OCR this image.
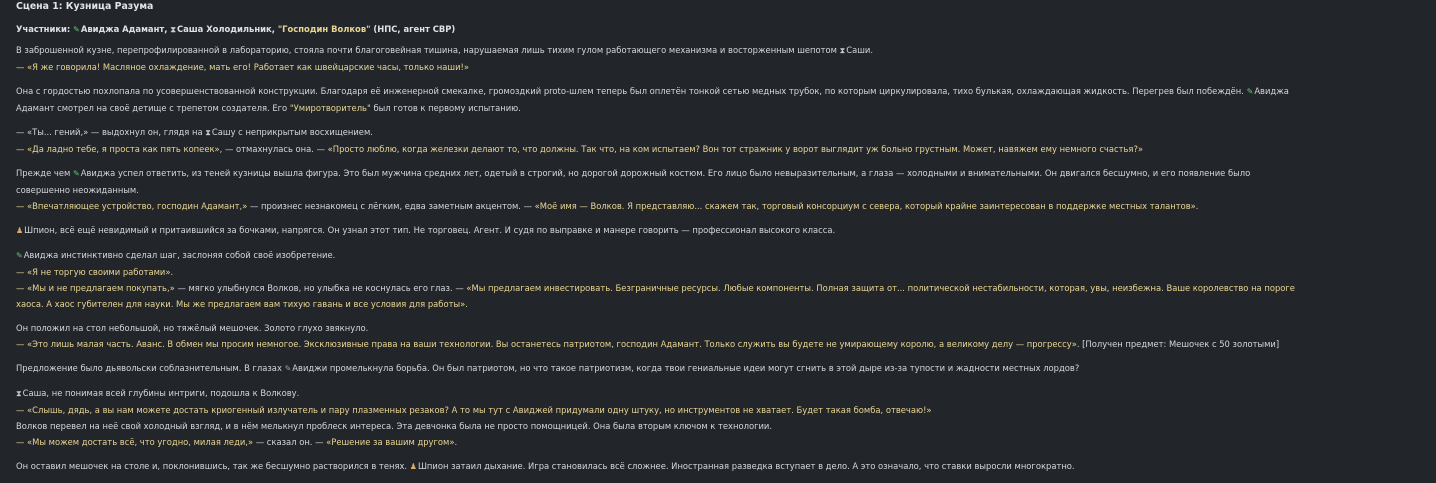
Сцена 1: Кузница Разума
Участники: ✎Авиджа Адамант, ⧗Саша Холодильник, "Господин Волков" (НПС, агент СВР)
В заброшенной кузне, перепрофилированной в лабораторию, стояла почти благоговейная тишина, нарушаемая лишь тихим гулом работающего механизма и восторженным шепотом ⧗Саши.
— «Я же говорила! Масляное охлаждение, мать его! Работает как швейцарские часы, только наши!»
Она с гордостью похлопала по усовершенствованной конструкции. Благодаря её инженерной смекалке, громоздкий proto-шлем теперь был оплетён тонкой сетью медных трубок, по которым циркулировала, тихо булькая, охлаждающая жидкость. Перегрев был побеждён. ✎Авиджа
Адамант смотрел на своё детище с трепетом создателя. Его "Умиротворитель" был готов к первому испытанию.
— «Ты... гений,» — выдохнул он, глядя на ⧗Сашу с неприкрытым восхищением.
— «Да ладно тебе, я проста как пять копеек», — отмахнулась она. — «Просто люблю, когда железки делают то, что должны. Так что, на ком испытаем? Вон тот стражник у ворот выглядит уж больно грустным. Может, навяжем ему немного счастья?»
Прежде чем ✎Авиджа успел ответить, из теней кузницы вышла фигура. Это был мужчина средних лет, одетый в строгий, но дорогой дорожный костюм. Его лицо было невыразительным, а глаза — холодными и внимательными. Он двигался бесшумно, и его появление было
совершенно неожиданным.
— «Впечатляющее устройство, господин Адамант,» — произнес незнакомец с лёгким, едва заметным акцентом. — «Моё имя — Волков. Я представляю... скажем так, торговый консорциум с севера, который крайне заинтересован в поддержке местных талантов».
♟Шпион, всё ещё невидимый и притаившийся за бочками, напрягся. Он узнал этот тип. Не торговец. Агент. И судя по выправке и манере говорить — профессионал высокого класса.
✎Авиджа инстинктивно сделал шаг, заслоняя собой своё изобретение.
— «Я не торгую своими работами».
— «Мы и не предлагаем покупать,» — мягко улыбнулся Волков, но улыбка не коснулась его глаз. — «Мы предлагаем инвестировать. Безграничные ресурсы. Любые компоненты. Полная защита от... политической нестабильности, которая, увы, неизбежна. Ваше королевство на пороге
хаоса. А хаос губителен для науки. Мы же предлагаем вам тихую гавань и все условия для работы».
Он положил на стол небольшой, но тяжёлый мешочек. Золото глухо звякнуло.
— «Это лишь малая часть. Аванс. В обмен мы просим немногое. Эксклюзивные права на ваши технологии. Вы останетесь патриотом, господин Адамант. Только служить вы будете не умирающему королю, а великому делу — прогрессу». [Получен предмет: Мешочек с 50 золотыми]
Предложение было дьявольски соблазнительным. В глазах ✎Авиджи промелькнула борьба. Он был патриотом, но что такое патриотизм, когда твои гениальные идеи могут сгнить в этой дыре из-за тупости и жадности местных лордов?
⧗Саша, не понимая всей глубины интриги, подошла к Волкову.
— «Слышь, дядь, а вы нам можете достать криогенный излучатель и пару плазменных резаков? А то мы тут с Авиджей придумали одну штуку, но инструментов не хватает. Будет такая бомба, отвечаю!»
Волков перевел на неё свой холодный взгляд, и в нём мелькнул проблеск интереса. Эта девчонка была не просто помощницей. Она была вторым ключом к технологии.
— «Мы можем достать всё, что угодно, милая леди,» — сказал он. — «Решение за вашим другом».
Он оставил мешочек на столе и, поклонившись, так же бесшумно растворился в тенях. ♟Шпион затаил дыхание. Игра становилась всё сложнее. Иностранная разведка вступает в дело. А это означало, что ставки выросли многократно.
